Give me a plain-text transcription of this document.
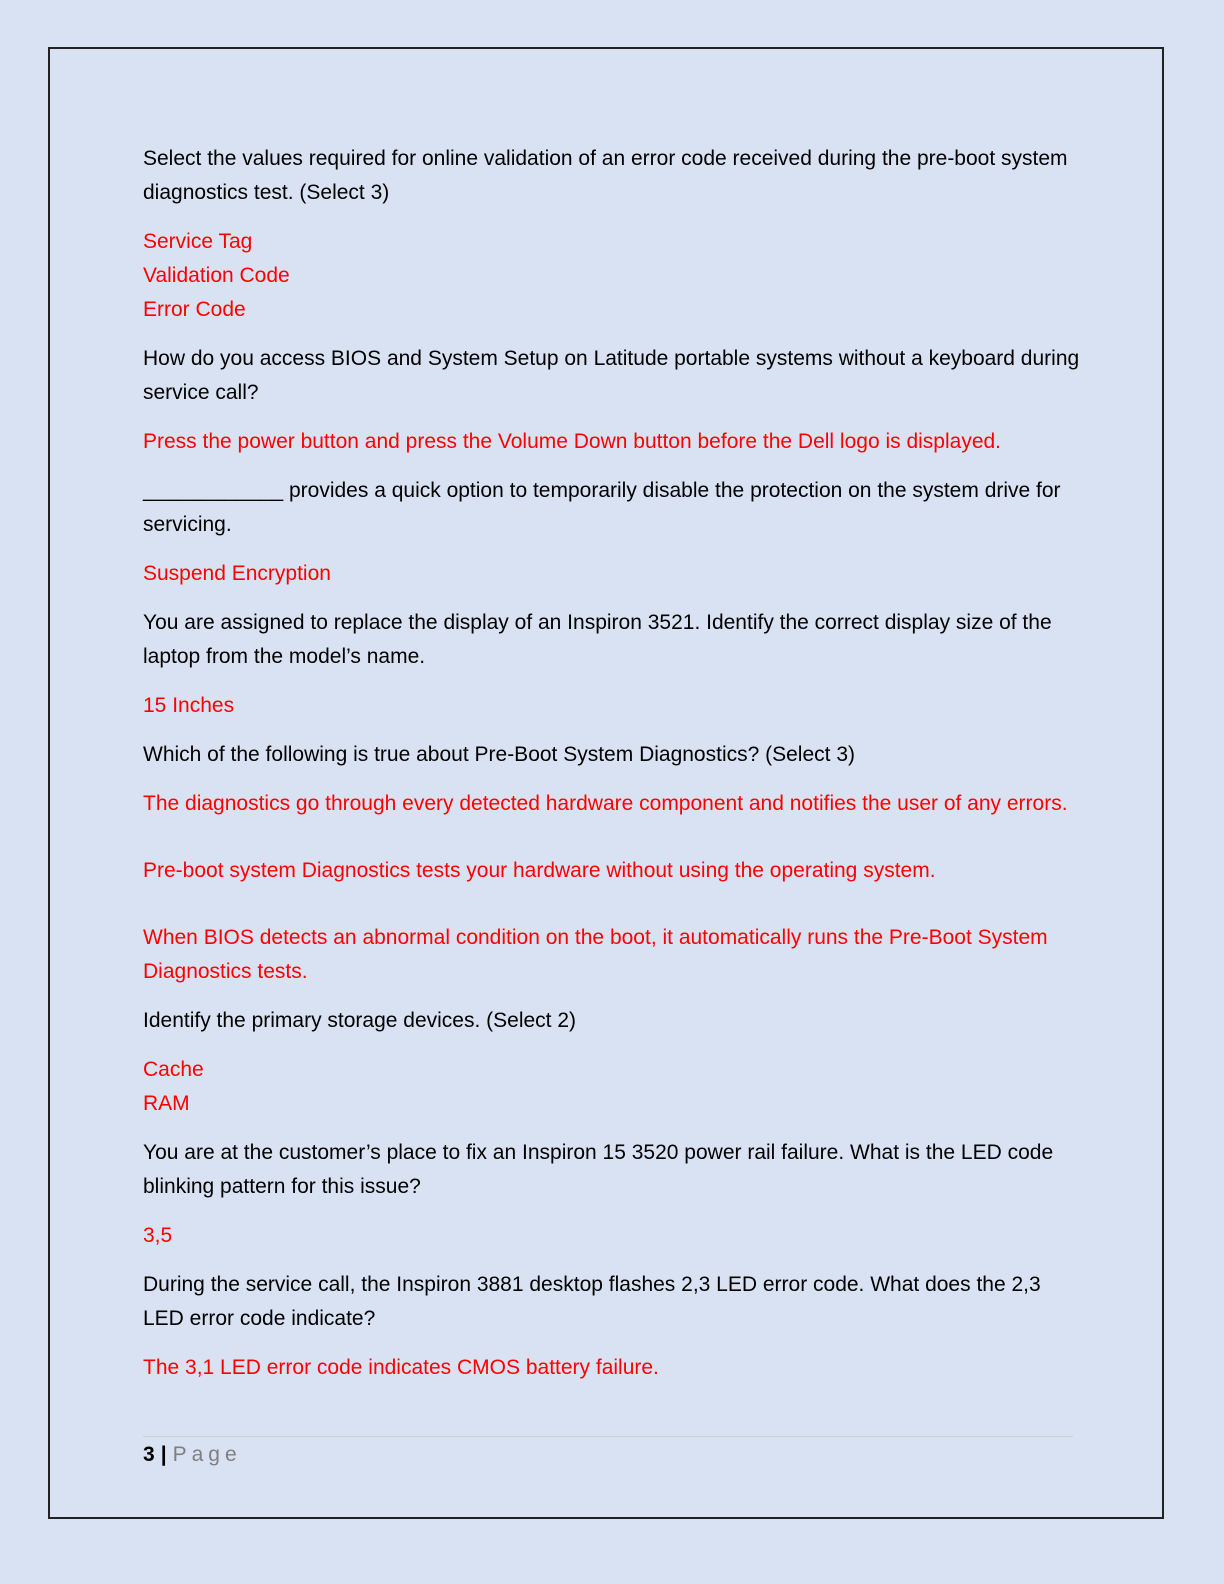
Select the values required for online validation of an error code received during the pre-boot system diagnostics test. (Select 3)

Service Tag

Validation Code

Error Code

How do you access BIOS and System Setup on Latitude portable systems without a keyboard during service call?

Press the power button and press the Volume Down button before the Dell logo is displayed.

____________ provides a quick option to temporarily disable the protection on the system drive for servicing.

Suspend Encryption

You are assigned to replace the display of an Inspiron 3521. Identify the correct display size of the laptop from the model’s name.

15 Inches

Which of the following is true about Pre-Boot System Diagnostics? (Select 3)

The diagnostics go through every detected hardware component and notifies the user of any errors.

Pre-boot system Diagnostics tests your hardware without using the operating system.

When BIOS detects an abnormal condition on the boot, it automatically runs the Pre-Boot System Diagnostics tests.

Identify the primary storage devices. (Select 2)

Cache

RAM

You are at the customer’s place to fix an Inspiron 15 3520 power rail failure. What is the LED code blinking pattern for this issue?

3,5

During the service call, the Inspiron 3881 desktop flashes 2,3 LED error code. What does the 2,3 LED error code indicate?

The 3,1 LED error code indicates CMOS battery failure.

3 | Page
